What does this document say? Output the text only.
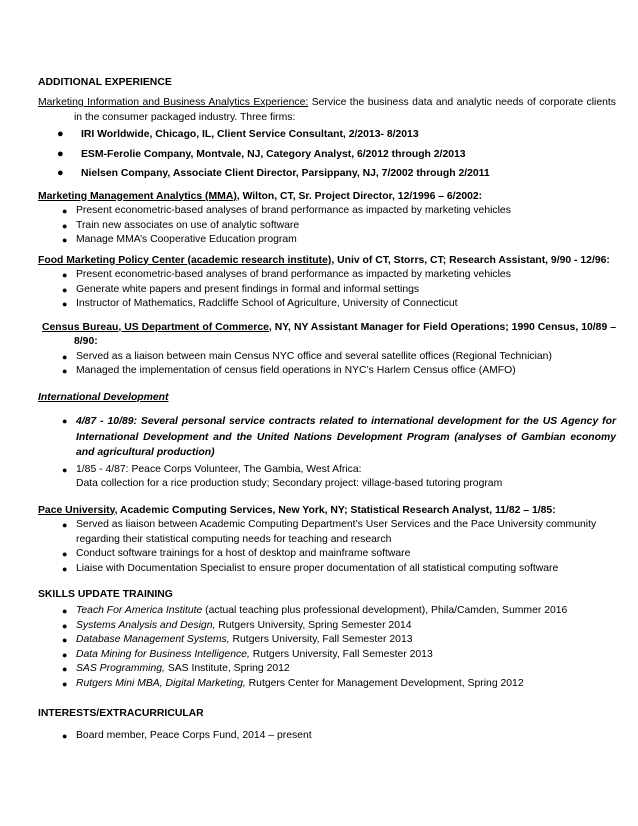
ADDITIONAL EXPERIENCE
Marketing Information and Business Analytics Experience: Service the business data and analytic needs of corporate clients in the consumer packaged industry. Three firms:
● IRI Worldwide, Chicago, IL, Client Service Consultant, 2/2013- 8/2013
● ESM-Ferolie Company, Montvale, NJ, Category Analyst, 6/2012 through 2/2013
● Nielsen Company, Associate Client Director, Parsippany, NJ, 7/2002 through 2/2011
Marketing Management Analytics (MMA), Wilton, CT, Sr. Project Director, 12/1996 – 6/2002:
● Present econometric-based analyses of brand performance as impacted by marketing vehicles
● Train new associates on use of analytic software
● Manage MMA’s Cooperative Education program
Food Marketing Policy Center (academic research institute), Univ of CT, Storrs, CT; Research Assistant, 9/90 - 12/96:
● Present econometric-based analyses of brand performance as impacted by marketing vehicles
● Generate white papers and present findings in formal and informal settings
● Instructor of Mathematics, Radcliffe School of Agriculture, University of Connecticut
Census Bureau, US Department of Commerce, NY, NY Assistant Manager for Field Operations; 1990 Census, 10/89 – 8/90:
● Served as a liaison between main Census NYC office and several satellite offices (Regional Technician)
● Managed the implementation of census field operations in NYC’s Harlem Census office (AMFO)
International Development
● 4/87 - 10/89: Several personal service contracts related to international development for the US Agency for International Development and the United Nations Development Program (analyses of Gambian economy and agricultural production)
● 1/85 - 4/87: Peace Corps Volunteer, The Gambia, West Africa:
Data collection for a rice production study; Secondary project: village-based tutoring program
Pace University, Academic Computing Services, New York, NY; Statistical Research Analyst, 11/82 – 1/85:
● Served as liaison between Academic Computing Department’s User Services and the Pace University community regarding their statistical computing needs for teaching and research
● Conduct software trainings for a host of desktop and mainframe software
● Liaise with Documentation Specialist to ensure proper documentation of all statistical computing software
SKILLS UPDATE TRAINING
● Teach For America Institute (actual teaching plus professional development), Phila/Camden, Summer 2016
● Systems Analysis and Design, Rutgers University, Spring Semester 2014
● Database Management Systems, Rutgers University, Fall Semester 2013
● Data Mining for Business Intelligence, Rutgers University, Fall Semester 2013
● SAS Programming, SAS Institute, Spring 2012
● Rutgers Mini MBA, Digital Marketing, Rutgers Center for Management Development, Spring 2012
INTERESTS/EXTRACURRICULAR
● Board member, Peace Corps Fund, 2014 – present
